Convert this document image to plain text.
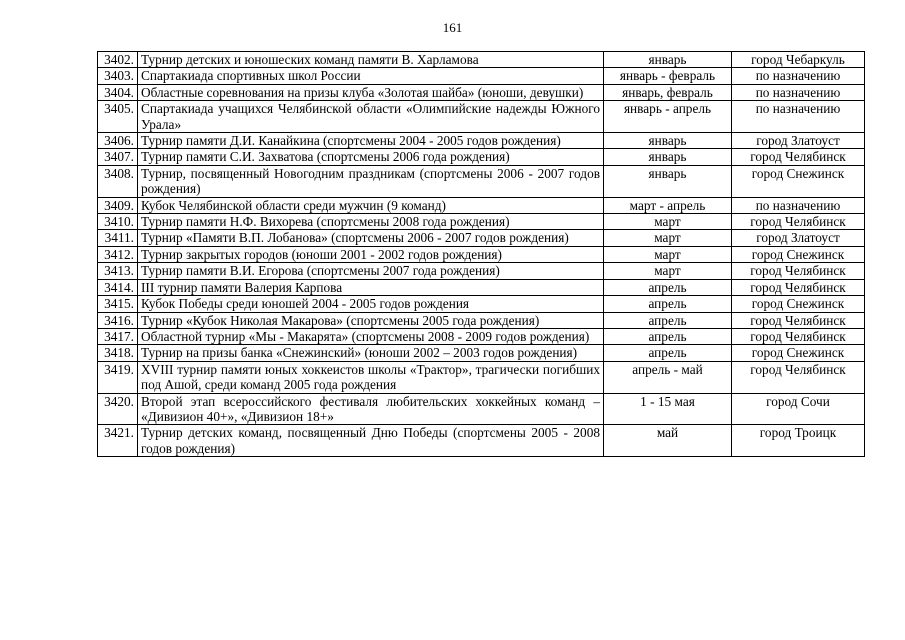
161
3402.	Турнир детских и юношеских команд памяти В. Харламова	январь	город Чебаркуль
3403.	Спартакиада спортивных школ России	январь - февраль	по назначению
3404.	Областные соревнования на призы клуба «Золотая шайба» (юноши, девушки)	январь, февраль	по назначению
3405.	Спартакиада учащихся Челябинской области «Олимпийские надежды Южного Урала»	январь - апрель	по назначению
3406.	Турнир памяти Д.И. Канайкина (спортсмены 2004 - 2005 годов рождения)	январь	город Златоуст
3407.	Турнир памяти С.И. Захватова (спортсмены 2006 года рождения)	январь	город Челябинск
3408.	Турнир, посвященный Новогодним праздникам (спортсмены 2006 - 2007 годов рождения)	январь	город Снежинск
3409.	Кубок Челябинской области среди мужчин (9 команд)	март - апрель	по назначению
3410.	Турнир памяти Н.Ф. Вихорева (спортсмены 2008 года рождения)	март	город Челябинск
3411.	Турнир «Памяти В.П. Лобанова» (спортсмены 2006 - 2007 годов рождения)	март	город Златоуст
3412.	Турнир закрытых городов (юноши 2001 - 2002 годов рождения)	март	город Снежинск
3413.	Турнир памяти В.И. Егорова (спортсмены 2007 года рождения)	март	город Челябинск
3414.	III турнир памяти Валерия Карпова	апрель	город Челябинск
3415.	Кубок Победы среди юношей 2004 - 2005 годов рождения	апрель	город Снежинск
3416.	Турнир «Кубок Николая Макарова» (спортсмены 2005 года рождения)	апрель	город Челябинск
3417.	Областной турнир «Мы - Макарята» (спортсмены 2008 - 2009 годов рождения)	апрель	город Челябинск
3418.	Турнир на призы банка «Снежинский» (юноши 2002 – 2003 годов рождения)	апрель	город Снежинск
3419.	XVIII турнир памяти юных хоккеистов школы «Трактор», трагически погибших под Ашой, среди команд 2005 года рождения	апрель - май	город Челябинск
3420.	Второй этап всероссийского фестиваля любительских хоккейных команд – «Дивизион 40+», «Дивизион 18+»	1 - 15 мая	город Сочи
3421.	Турнир детских команд, посвященный Дню Победы (спортсмены 2005 - 2008 годов рождения)	май	город Троицк
